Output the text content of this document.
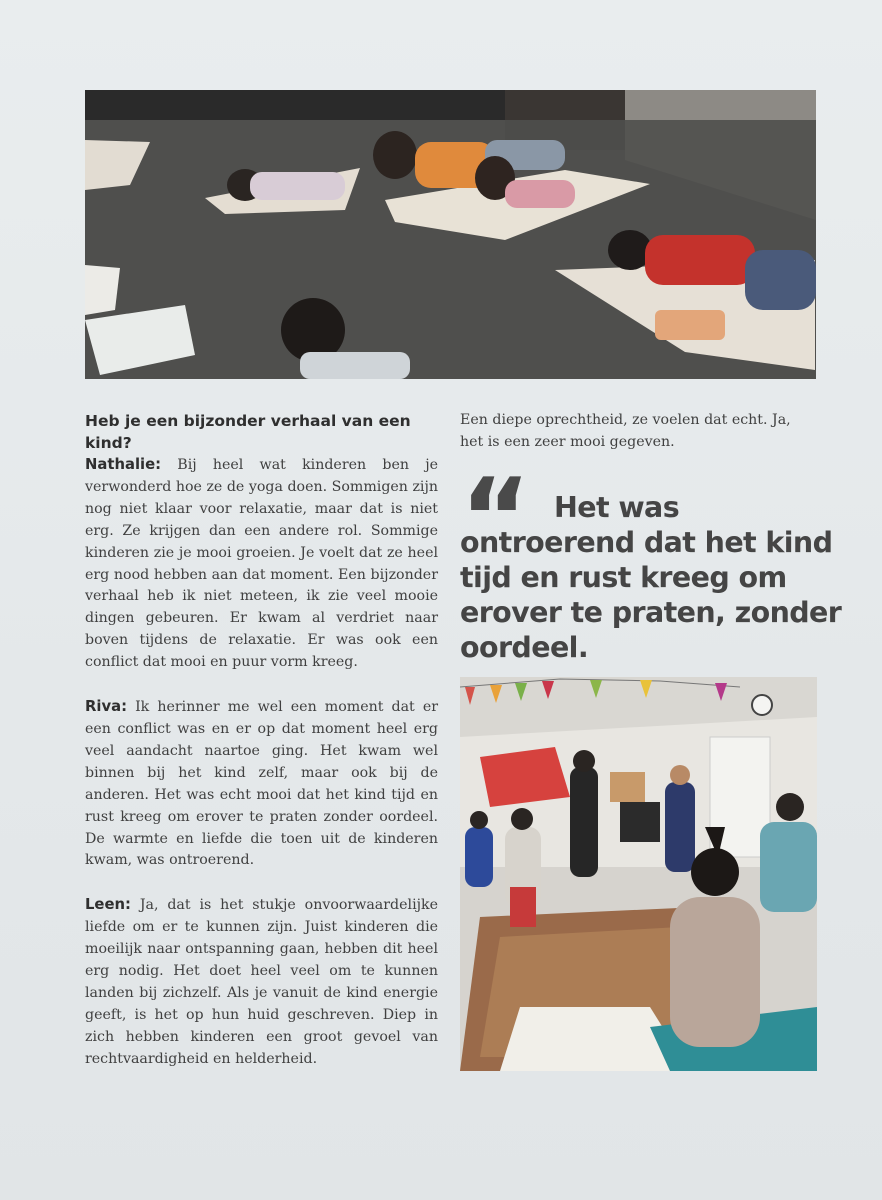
Heb je een bijzonder verhaal van een kind?

Nathalie: Bij heel wat kinderen ben je verwonderd hoe ze de yoga doen. Sommigen zijn nog niet klaar voor relaxatie, maar dat is niet erg. Ze krijgen dan een andere rol. Sommige kinderen zie je mooi groeien. Je voelt dat ze heel erg nood hebben aan dat moment. Een bijzonder verhaal heb ik niet meteen, ik zie veel mooie dingen gebeuren. Er kwam al verdriet naar boven tijdens de relaxatie. Er was ook een conflict dat mooi en puur vorm kreeg.

Riva: Ik herinner me wel een moment dat er een conflict was en er op dat moment heel erg veel aandacht naartoe ging. Het kwam wel binnen bij het kind zelf, maar ook bij de anderen. Het was echt mooi dat het kind tijd en rust kreeg om erover te praten zonder oordeel. De warmte en liefde die toen uit de kinderen kwam, was ontroerend.

Leen: Ja, dat is het stukje onvoorwaardelijke liefde om er te kunnen zijn. Juist kinderen die moeilijk naar ontspanning gaan, hebben dit heel erg nodig. Het doet heel veel om te kunnen landen bij zichzelf. Als je vanuit de kind energie geeft, is het op hun huid geschreven. Diep in zich hebben kinderen een groot gevoel van rechtvaardigheid en helderheid.

Een diepe oprechtheid, ze voelen dat echt. Ja, het is een zeer mooi gegeven.

“	Het was ontroerend dat het kind tijd en rust kreeg om erover te praten, zonder oordeel.
